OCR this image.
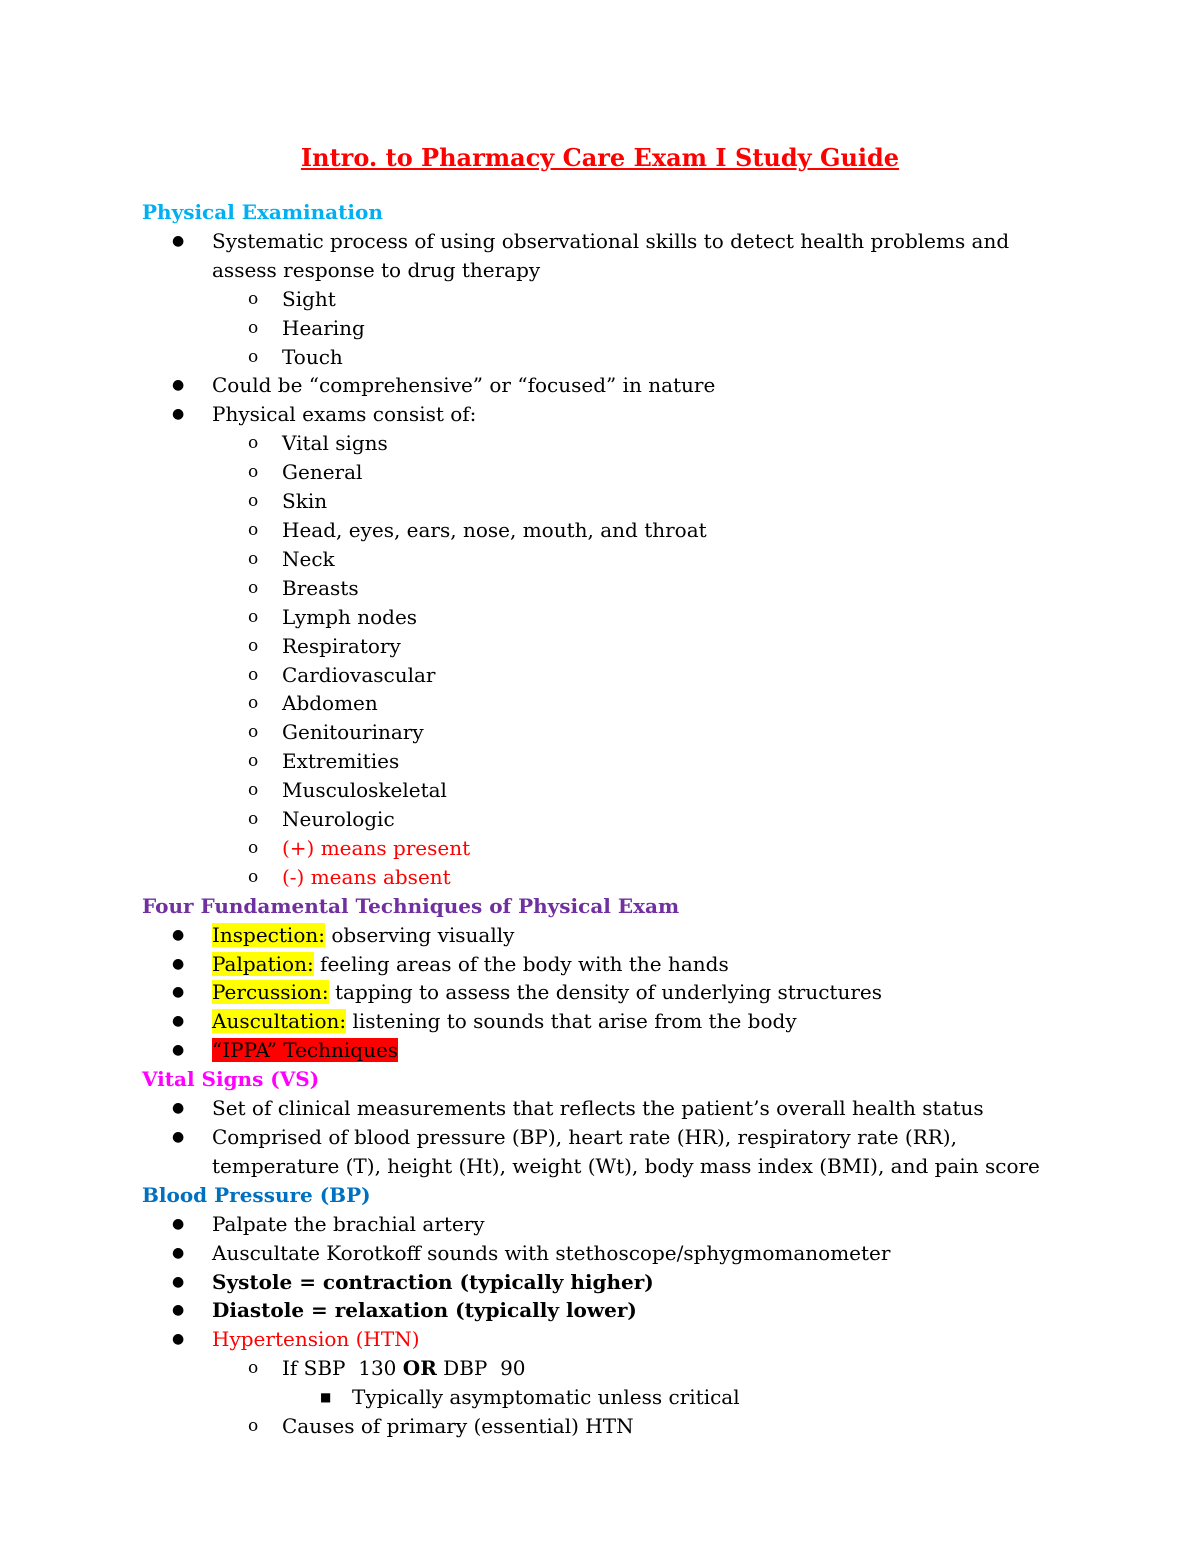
Intro. to Pharmacy Care Exam I Study Guide
Physical Examination
● Systematic process of using observational skills to detect health problems and assess response to drug therapy
o Sight
o Hearing
o Touch
● Could be “comprehensive” or “focused” in nature
● Physical exams consist of:
o Vital signs
o General
o Skin
o Head, eyes, ears, nose, mouth, and throat
o Neck
o Breasts
o Lymph nodes
o Respiratory
o Cardiovascular
o Abdomen
o Genitourinary
o Extremities
o Musculoskeletal
o Neurologic
o (+) means present
o (-) means absent
Four Fundamental Techniques of Physical Exam
● Inspection: observing visually
● Palpation: feeling areas of the body with the hands
● Percussion: tapping to assess the density of underlying structures
● Auscultation: listening to sounds that arise from the body
● “IPPA” Techniques
Vital Signs (VS)
● Set of clinical measurements that reflects the patient’s overall health status
● Comprised of blood pressure (BP), heart rate (HR), respiratory rate (RR), temperature (T), height (Ht), weight (Wt), body mass index (BMI), and pain score
Blood Pressure (BP)
● Palpate the brachial artery
● Auscultate Korotkoff sounds with stethoscope/sphygmomanometer
● Systole = contraction (typically higher)
● Diastole = relaxation (typically lower)
● Hypertension (HTN)
o If SBP  130 OR DBP  90
■ Typically asymptomatic unless critical
o Causes of primary (essential) HTN
